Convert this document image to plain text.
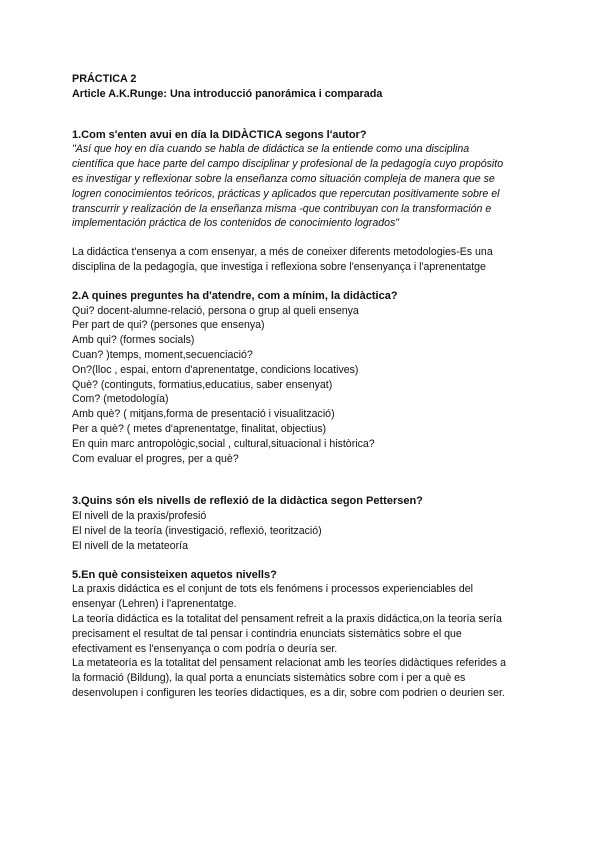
PRÁCTICA 2

Article A.K.Runge: Una introducció panorámica i comparada

1.Com s'enten avui en día la DIDÀCTICA segons l'autor?

"Así que hoy en día cuando se habla de didáctica se la entiende como una disciplina

científica que hace parte del campo disciplinar y profesional de la pedagogía cuyo propósito

es investigar y reflexionar sobre la enseñanza como situación compleja de manera que se

logren conocimientos teóricos, prácticas y aplicados que repercutan positivamente sobre el

transcurrir y realización de la enseñanza misma -que contribuyan con la transformación e

implementación práctica de los contenidos de conocimiento logrados"

La didáctica t'ensenya a com ensenyar, a més de coneixer diferents metodologies-Es una

disciplina de la pedagogía, que investiga i reflexiona sobre l'ensenyança i l'aprenentatge

2.A quines preguntes ha d'atendre, com a mínim, la didàctica?

Qui? docent-alumne-relació, persona o grup al queli ensenya

Per part de qui? (persones que ensenya)

Amb qui? (formes socials)

Cuan? )temps, moment,secuenciació?

On?(lloc , espai, entorn d'aprenentatge, condicions locatives)

Què? (continguts, formatius,educatius, saber ensenyat)

Com? (metodología)

Amb què? ( mitjans,forma de presentació i visualització)

Per a què? ( metes d'aprenentatge, finalitat, objectius)

En quin marc antropològic,social , cultural,situacional i històrica?

Com evaluar el progres, per a què?

3.Quins són els nivells de reflexió de la didàctica segon Pettersen?

El nivell de la praxis/profesió

El nivel de la teoría (investigació, reflexió, teorització)

El nivell de la metateoría

5.En què consisteixen aquetos nivells?

La praxis didáctica es el conjunt de tots els fenómens i processos experienciables del

ensenyar (Lehren) i l'aprenentatge.

La teoría didáctica es la totalitat del pensament refreit a la praxis didáctica,on la teoría sería

precisament el resultat de tal pensar i contindria enunciats sistemàtics sobre el que

efectivament es l'ensenyança o com podría o deuría ser.

La metateoría es la totalitat del pensament relacionat amb les teoríes didàctiques referides a

la formació (Bildung), la qual porta a enunciats sistemàtics sobre com i per a què es

desenvolupen i configuren les teoríes didactiques, es a dir, sobre com podrien o deurien ser.
